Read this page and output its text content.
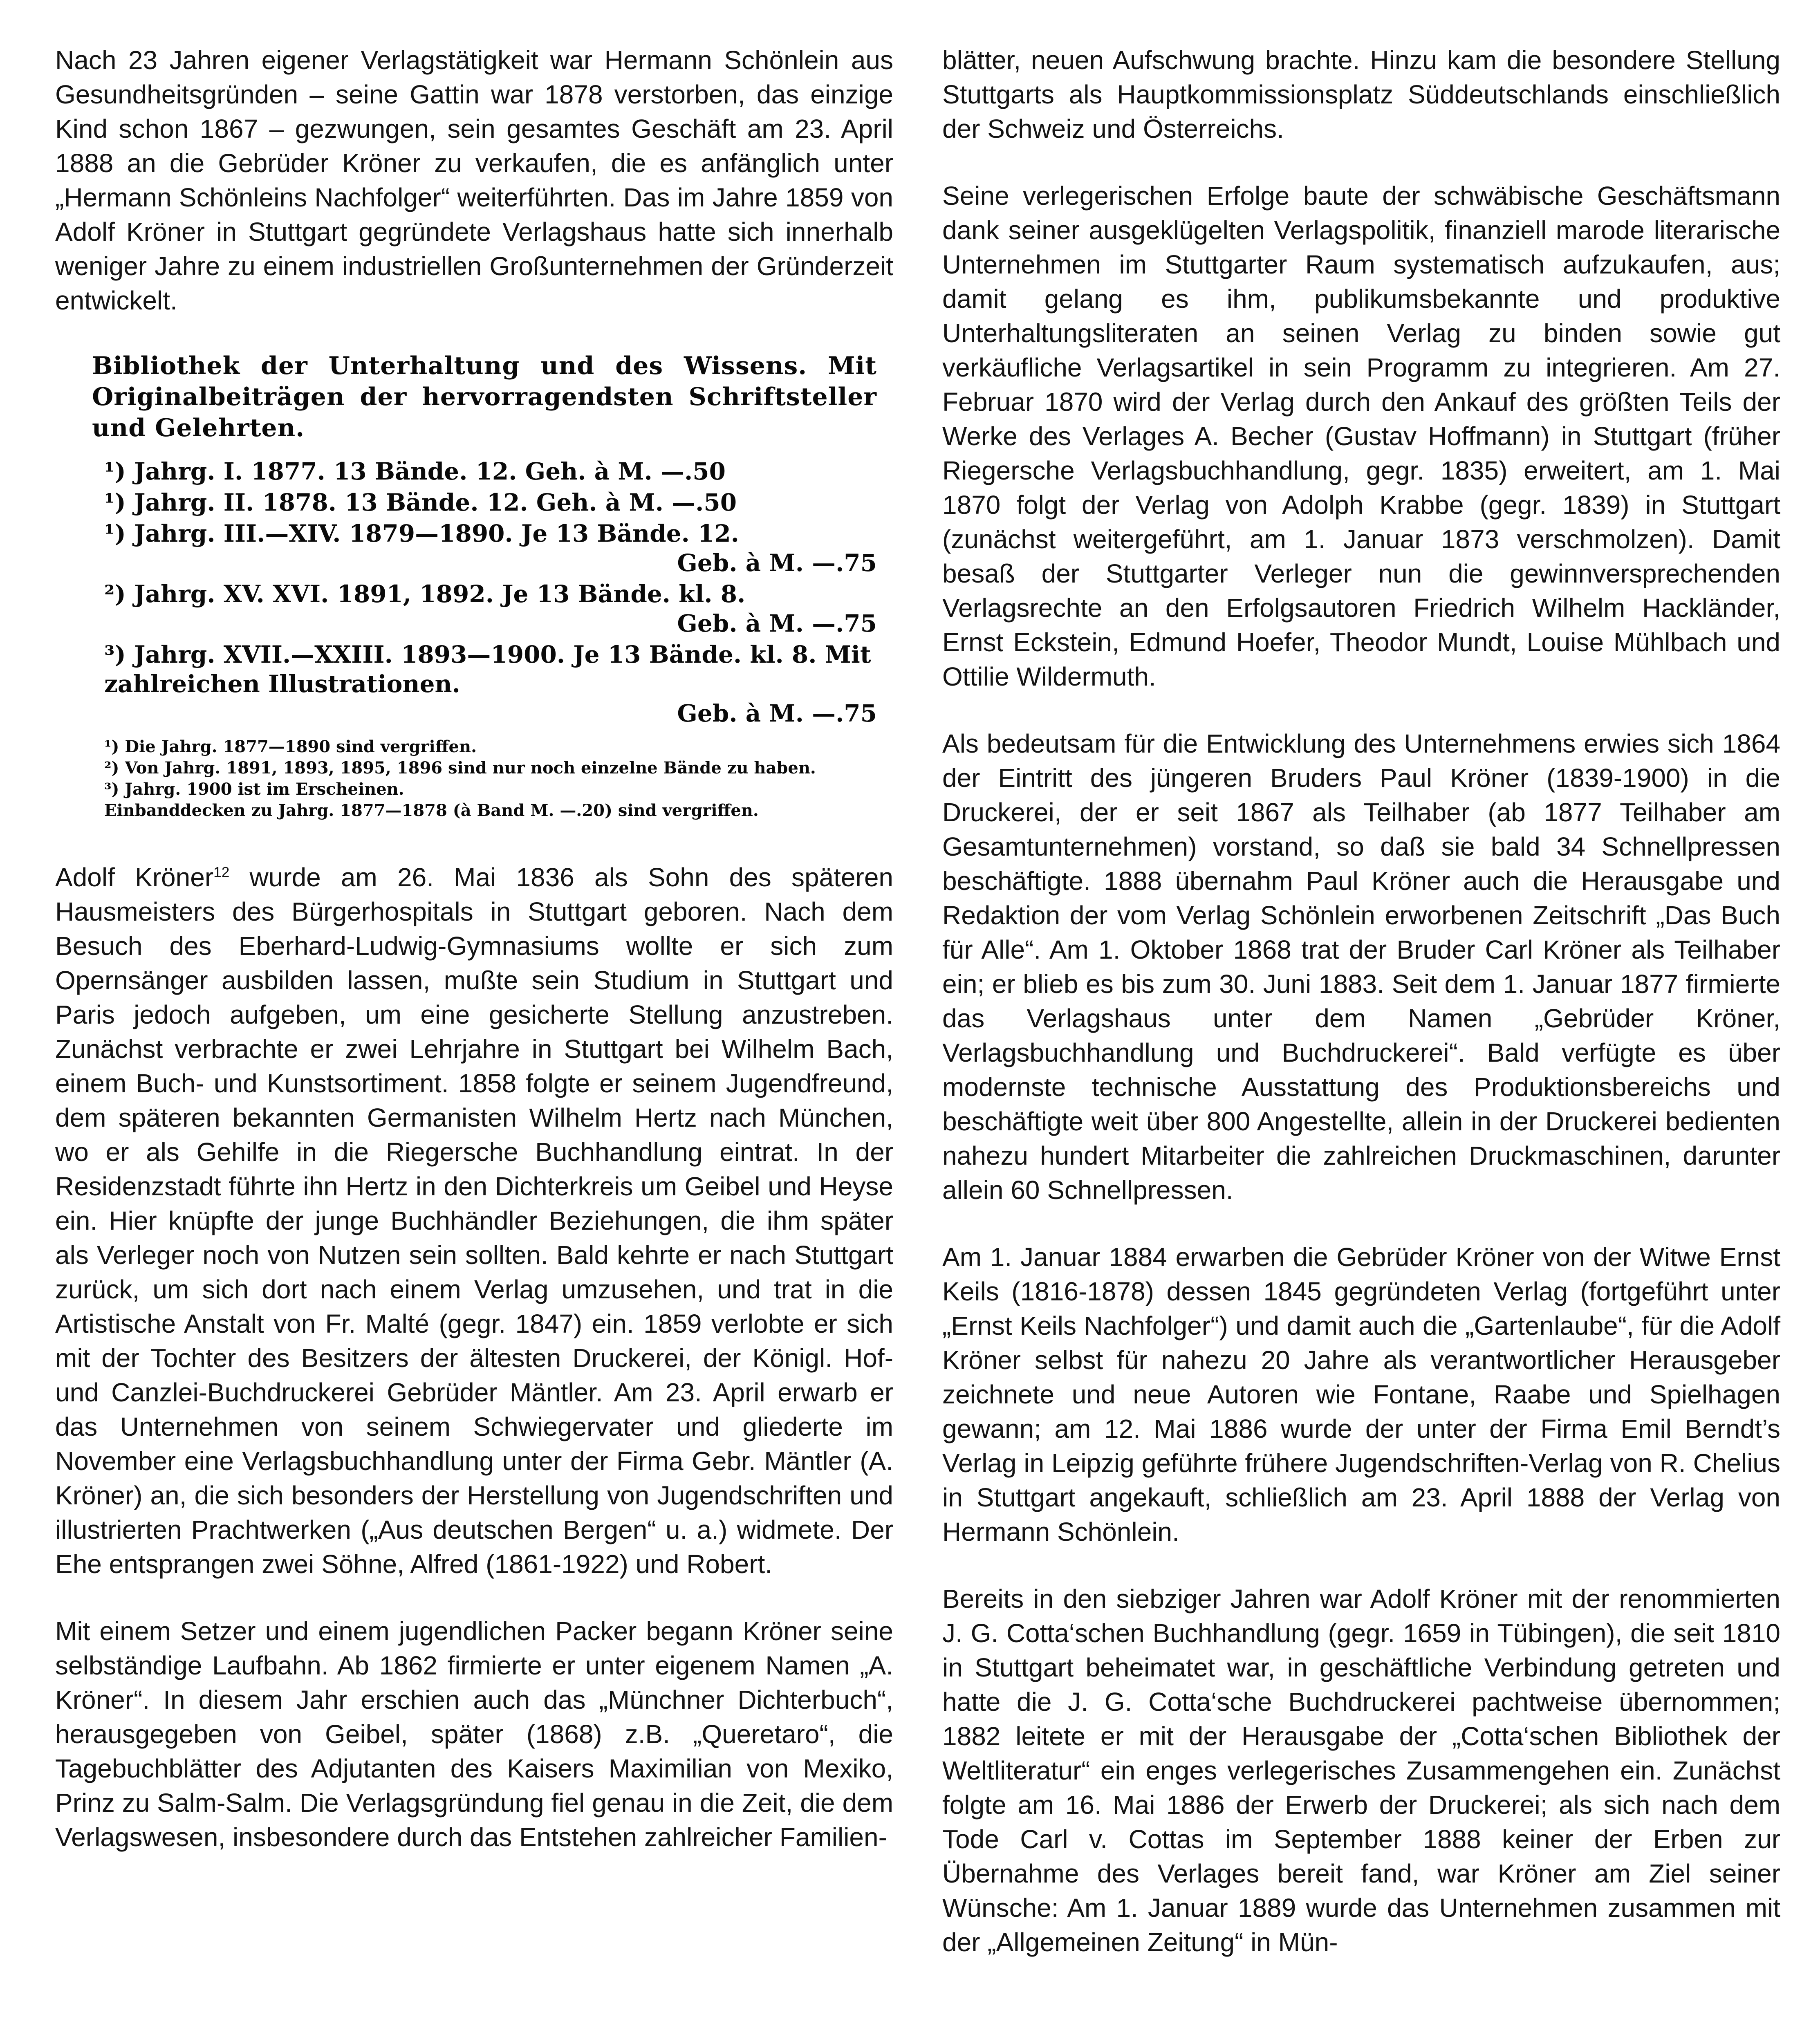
Nach 23 Jahren eigener Verlagstätigkeit war Hermann Schönlein aus Gesundheitsgründen – seine Gattin war 1878 verstorben, das einzige Kind schon 1867 – gezwungen, sein gesamtes Geschäft am 23. April 1888 an die Gebrüder Kröner zu verkaufen, die es anfänglich unter „Hermann Schönleins Nachfolger“ weiterführten. Das im Jahre 1859 von Adolf Kröner in Stuttgart gegründete Verlagshaus hatte sich innerhalb weniger Jahre zu einem industriellen Großunternehmen der Gründerzeit entwickelt.

Bibliothek der Unterhaltung und des Wissens. Mit Originalbeiträgen der hervorragendsten Schriftsteller und Gelehrten.

¹) Jahrg. I. 1877. 13 Bände. 12. Geh. à M. —.50

¹) Jahrg. II. 1878. 13 Bände. 12. Geh. à M. —.50

¹) Jahrg. III.—XIV. 1879—1890. Je 13 Bände. 12.
Geb. à M. —.75

²) Jahrg. XV. XVI. 1891, 1892. Je 13 Bände. kl. 8.
Geb. à M. —.75

³) Jahrg. XVII.—XXIII. 1893—1900. Je 13 Bände. kl. 8. Mit zahlreichen Illustrationen.
Geb. à M. —.75

¹) Die Jahrg. 1877—1890 sind vergriffen.

²) Von Jahrg. 1891, 1893, 1895, 1896 sind nur noch einzelne Bände zu haben.

³) Jahrg. 1900 ist im Erscheinen.

Einbanddecken zu Jahrg. 1877—1878 (à Band M. —.20) sind vergriffen.

Adolf Kröner$^{12}$ wurde am 26. Mai 1836 als Sohn des späteren Hausmeisters des Bürgerhospitals in Stuttgart geboren. Nach dem Besuch des Eberhard-Ludwig-Gymnasiums wollte er sich zum Opernsänger ausbilden lassen, mußte sein Studium in Stuttgart und Paris jedoch aufgeben, um eine gesicherte Stellung anzustreben. Zunächst verbrachte er zwei Lehrjahre in Stuttgart bei Wilhelm Bach, einem Buch- und Kunstsortiment. 1858 folgte er seinem Jugendfreund, dem späteren bekannten Germanisten Wilhelm Hertz nach München, wo er als Gehilfe in die Riegersche Buchhandlung eintrat. In der Residenzstadt führte ihn Hertz in den Dichterkreis um Geibel und Heyse ein. Hier knüpfte der junge Buchhändler Beziehungen, die ihm später als Verleger noch von Nutzen sein sollten. Bald kehrte er nach Stuttgart zurück, um sich dort nach einem Verlag umzusehen, und trat in die Artistische Anstalt von Fr. Malté (gegr. 1847) ein. 1859 verlobte er sich mit der Tochter des Besitzers der ältesten Druckerei, der Königl. Hof- und Canzlei-Buchdruckerei Gebrüder Mäntler. Am 23. April erwarb er das Unternehmen von seinem Schwiegervater und gliederte im November eine Verlagsbuchhandlung unter der Firma Gebr. Mäntler (A. Kröner) an, die sich besonders der Herstellung von Jugendschriften und illustrierten Prachtwerken („Aus deutschen Bergen“ u. a.) widmete. Der Ehe entsprangen zwei Söhne, Alfred (1861-1922) und Robert.

Mit einem Setzer und einem jugendlichen Packer begann Kröner seine selbständige Laufbahn. Ab 1862 firmierte er unter eigenem Namen „A. Kröner“. In diesem Jahr erschien auch das „Münchner Dichterbuch“, herausgegeben von Geibel, später (1868) z.B. „Queretaro“, die Tagebuchblätter des Adjutanten des Kaisers Maximilian von Mexiko, Prinz zu Salm-Salm. Die Verlagsgründung fiel genau in die Zeit, die dem Verlagswesen, insbesondere durch das Entstehen zahlreicher Familien-

blätter, neuen Aufschwung brachte. Hinzu kam die besondere Stellung Stuttgarts als Hauptkommissionsplatz Süddeutschlands einschließlich der Schweiz und Österreichs.

Seine verlegerischen Erfolge baute der schwäbische Geschäftsmann dank seiner ausgeklügelten Verlagspolitik, finanziell marode literarische Unternehmen im Stuttgarter Raum systematisch aufzukaufen, aus; damit gelang es ihm, publikumsbekannte und produktive Unterhaltungsliteraten an seinen Verlag zu binden sowie gut verkäufliche Verlagsartikel in sein Programm zu integrieren. Am 27. Februar 1870 wird der Verlag durch den Ankauf des größten Teils der Werke des Verlages A. Becher (Gustav Hoffmann) in Stuttgart (früher Riegersche Verlagsbuchhandlung, gegr. 1835) erweitert, am 1. Mai 1870 folgt der Verlag von Adolph Krabbe (gegr. 1839) in Stuttgart (zunächst weitergeführt, am 1. Januar 1873 verschmolzen). Damit besaß der Stuttgarter Verleger nun die gewinnversprechenden Verlagsrechte an den Erfolgsautoren Friedrich Wilhelm Hackländer, Ernst Eckstein, Edmund Hoefer, Theodor Mundt, Louise Mühlbach und Ottilie Wildermuth.

Als bedeutsam für die Entwicklung des Unternehmens erwies sich 1864 der Eintritt des jüngeren Bruders Paul Kröner (1839-1900) in die Druckerei, der er seit 1867 als Teilhaber (ab 1877 Teilhaber am Gesamtunternehmen) vorstand, so daß sie bald 34 Schnellpressen beschäftigte. 1888 übernahm Paul Kröner auch die Herausgabe und Redaktion der vom Verlag Schönlein erworbenen Zeitschrift „Das Buch für Alle“. Am 1. Oktober 1868 trat der Bruder Carl Kröner als Teilhaber ein; er blieb es bis zum 30. Juni 1883. Seit dem 1. Januar 1877 firmierte das Verlagshaus unter dem Namen „Gebrüder Kröner, Verlagsbuchhandlung und Buchdruckerei“. Bald verfügte es über modernste technische Ausstattung des Produktionsbereichs und beschäftigte weit über 800 Angestellte, allein in der Druckerei bedienten nahezu hundert Mitarbeiter die zahlreichen Druckmaschinen, darunter allein 60 Schnellpressen.

Am 1. Januar 1884 erwarben die Gebrüder Kröner von der Witwe Ernst Keils (1816-1878) dessen 1845 gegründeten Verlag (fortgeführt unter „Ernst Keils Nachfolger“) und damit auch die „Gartenlaube“, für die Adolf Kröner selbst für nahezu 20 Jahre als verantwortlicher Herausgeber zeichnete und neue Autoren wie Fontane, Raabe und Spielhagen gewann; am 12. Mai 1886 wurde der unter der Firma Emil Berndt’s Verlag in Leipzig geführte frühere Jugendschriften-Verlag von R. Chelius in Stuttgart angekauft, schließlich am 23. April 1888 der Verlag von Hermann Schönlein.

Bereits in den siebziger Jahren war Adolf Kröner mit der renommierten J. G. Cotta‘schen Buchhandlung (gegr. 1659 in Tübingen), die seit 1810 in Stuttgart beheimatet war, in geschäftliche Verbindung getreten und hatte die J. G. Cotta‘sche Buchdruckerei pachtweise übernommen; 1882 leitete er mit der Herausgabe der „Cotta‘schen Bibliothek der Weltliteratur“ ein enges verlegerisches Zusammengehen ein. Zunächst folgte am 16. Mai 1886 der Erwerb der Druckerei; als sich nach dem Tode Carl v. Cottas im September 1888 keiner der Erben zur Übernahme des Verlages bereit fand, war Kröner am Ziel seiner Wünsche: Am 1. Januar 1889 wurde das Unternehmen zusammen mit der „Allgemeinen Zeitung“ in Mün-
